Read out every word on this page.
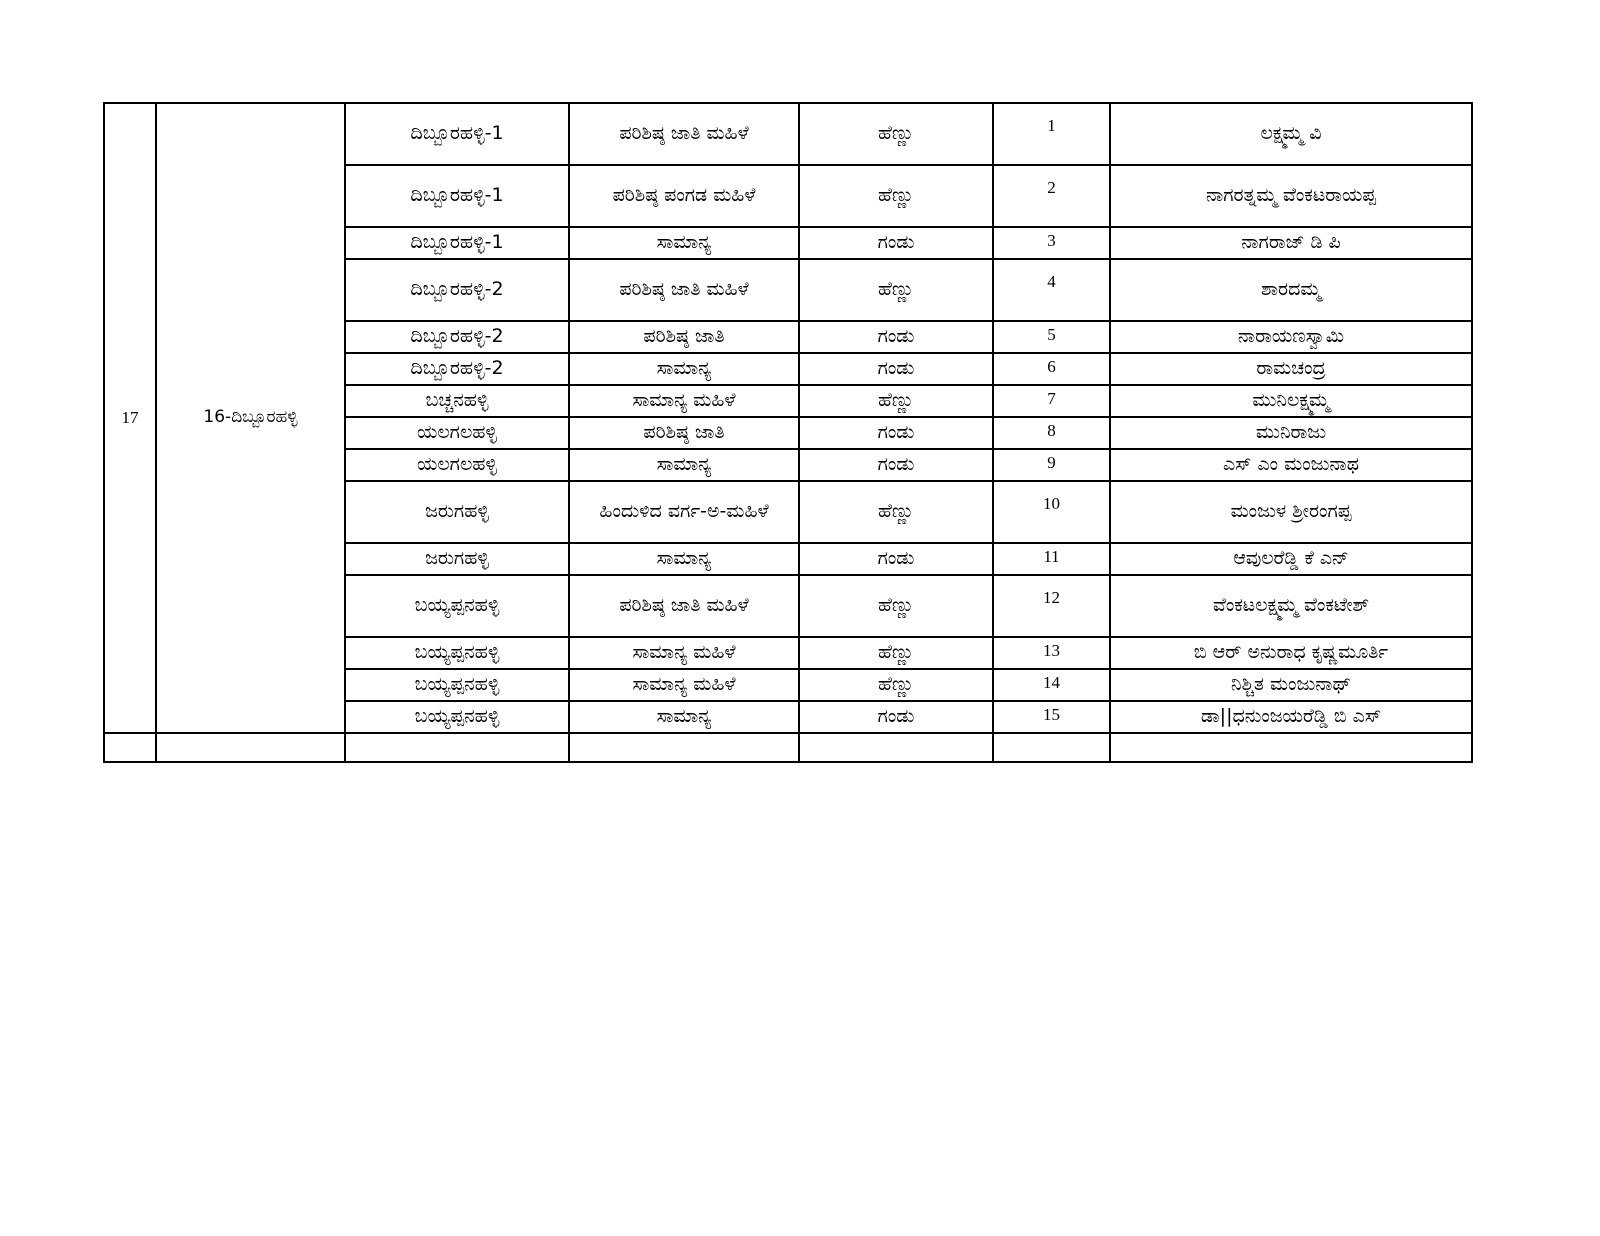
17	16-ದಿಬ್ಬೂರಹಳ್ಳಿ	ದಿಬ್ಬೂರಹಳ್ಳಿ-1	ಪರಿಶಿಷ್ಠ ಜಾತಿ ಮಹಿಳೆ	ಹೆಣ್ಣು	1	ಲಕ್ಷ್ಮಮ್ಮ ವಿ
		ದಿಬ್ಬೂರಹಳ್ಳಿ-1	ಪರಿಶಿಷ್ಠ ಪಂಗಡ ಮಹಿಳೆ	ಹೆಣ್ಣು	2	ನಾಗರತ್ನಮ್ಮ ವೆಂಕಟರಾಯಪ್ಪ
		ದಿಬ್ಬೂರಹಳ್ಳಿ-1	ಸಾಮಾನ್ಯ	ಗಂಡು	3	ನಾಗರಾಜ್ ಡಿ ಪಿ
		ದಿಬ್ಬೂರಹಳ್ಳಿ-2	ಪರಿಶಿಷ್ಠ ಜಾತಿ ಮಹಿಳೆ	ಹೆಣ್ಣು	4	ಶಾರದಮ್ಮ
		ದಿಬ್ಬೂರಹಳ್ಳಿ-2	ಪರಿಶಿಷ್ಠ ಜಾತಿ	ಗಂಡು	5	ನಾರಾಯಣಸ್ವಾಮಿ
		ದಿಬ್ಬೂರಹಳ್ಳಿ-2	ಸಾಮಾನ್ಯ	ಗಂಡು	6	ರಾಮಚಂದ್ರ
		ಬಚ್ಚನಹಳ್ಳಿ	ಸಾಮಾನ್ಯ ಮಹಿಳೆ	ಹೆಣ್ಣು	7	ಮುನಿಲಕ್ಷ್ಮಮ್ಮ
		ಯಲಗಲಹಳ್ಳಿ	ಪರಿಶಿಷ್ಠ ಜಾತಿ	ಗಂಡು	8	ಮುನಿರಾಜು
		ಯಲಗಲಹಳ್ಳಿ	ಸಾಮಾನ್ಯ	ಗಂಡು	9	ಎಸ್ ಎಂ ಮಂಜುನಾಥ
		ಜರುಗಹಳ್ಳಿ	ಹಿಂದುಳಿದ ವರ್ಗ-ಅ-ಮಹಿಳೆ	ಹೆಣ್ಣು	10	ಮಂಜುಳ ಶ್ರೀರಂಗಪ್ಪ
		ಜರುಗಹಳ್ಳಿ	ಸಾಮಾನ್ಯ	ಗಂಡು	11	ಆವುಲರೆಡ್ಡಿ ಕೆ ಎನ್
		ಬಯ್ಯಪ್ಪನಹಳ್ಳಿ	ಪರಿಶಿಷ್ಠ ಜಾತಿ ಮಹಿಳೆ	ಹೆಣ್ಣು	12	ವೆಂಕಟಲಕ್ಷ್ಮಮ್ಮ ವೆಂಕಟೇಶ್
		ಬಯ್ಯಪ್ಪನಹಳ್ಳಿ	ಸಾಮಾನ್ಯ ಮಹಿಳೆ	ಹೆಣ್ಣು	13	ಬಿ ಆರ್ ಅನುರಾಧ ಕೃಷ್ಣಮೂರ್ತಿ
		ಬಯ್ಯಪ್ಪನಹಳ್ಳಿ	ಸಾಮಾನ್ಯ ಮಹಿಳೆ	ಹೆಣ್ಣು	14	ನಿಶ್ಚಿತ ಮಂಜುನಾಥ್
		ಬಯ್ಯಪ್ಪನಹಳ್ಳಿ	ಸಾಮಾನ್ಯ	ಗಂಡು	15	ಡಾ||ಧನುಂಜಯರೆಡ್ಡಿ ಬಿ ಎಸ್
